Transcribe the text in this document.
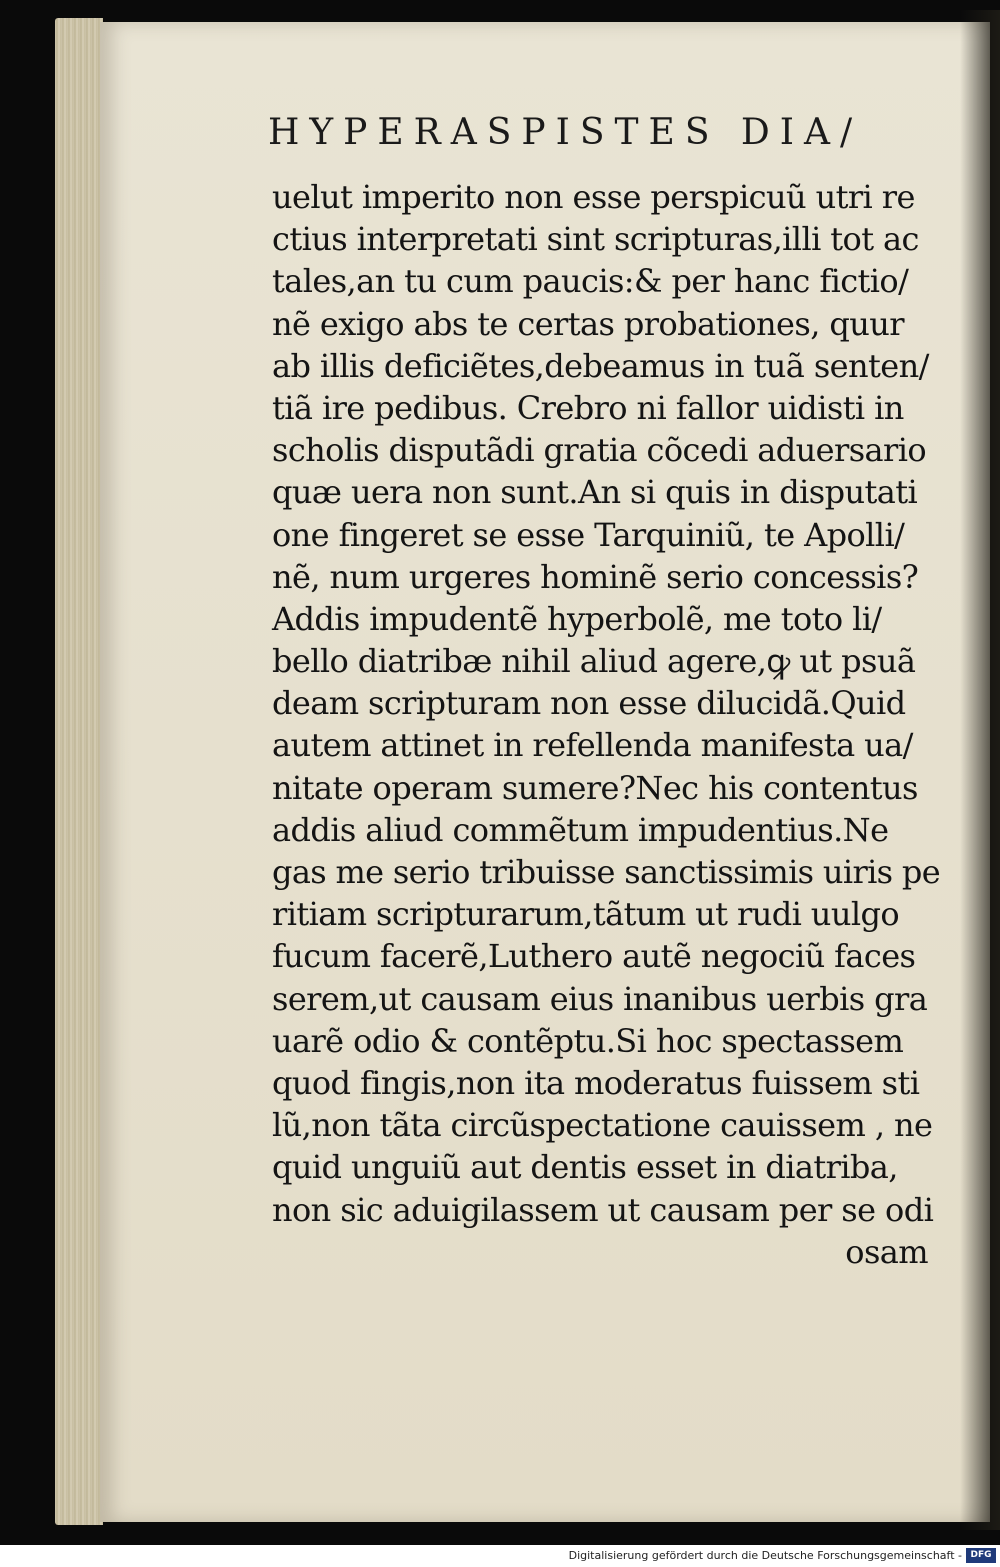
HYPERASPISTES DIA/
uelut imperito non esse perspicuũ utri re
ctius interpretati sint scripturas,illi tot ac
tales,an tu cum paucis:& per hanc fictio/
nẽ exigo abs te certas probationes, quur
ab illis deficiẽtes,debeamus in tuã senten/
tiã ire pedibus. Crebro ni fallor uidisti in
scholis disputãdi gratia cõcedi aduersario
quæ uera non sunt.An si quis in disputati
one fingeret se esse Tarquiniũ, te Apolli/
nẽ, num urgeres hominẽ serio concessis?
Addis impudentẽ hyperbolẽ, me toto li/
bello diatribæ nihil aliud agere,ꝙ ut psuã
deam scripturam non esse dilucidã.Quid
autem attinet in refellenda manifesta ua/
nitate operam sumere?Nec his contentus
addis aliud commẽtum impudentius.Ne
gas me serio tribuisse sanctissimis uiris pe
ritiam scripturarum,tãtum ut rudi uulgo
fucum facerẽ,Luthero autẽ negociũ faces
serem,ut causam eius inanibus uerbis gra
uarẽ odio & contẽptu.Si hoc spectassem
quod fingis,non ita moderatus fuissem sti
lũ,non tãta circũspectatione cauissem , ne
quid unguiũ aut dentis esset in diatriba,
non sic aduigilassem ut causam per se odi
osam
Digitalisierung gefördert durch die Deutsche Forschungsgemeinschaft - DFG
